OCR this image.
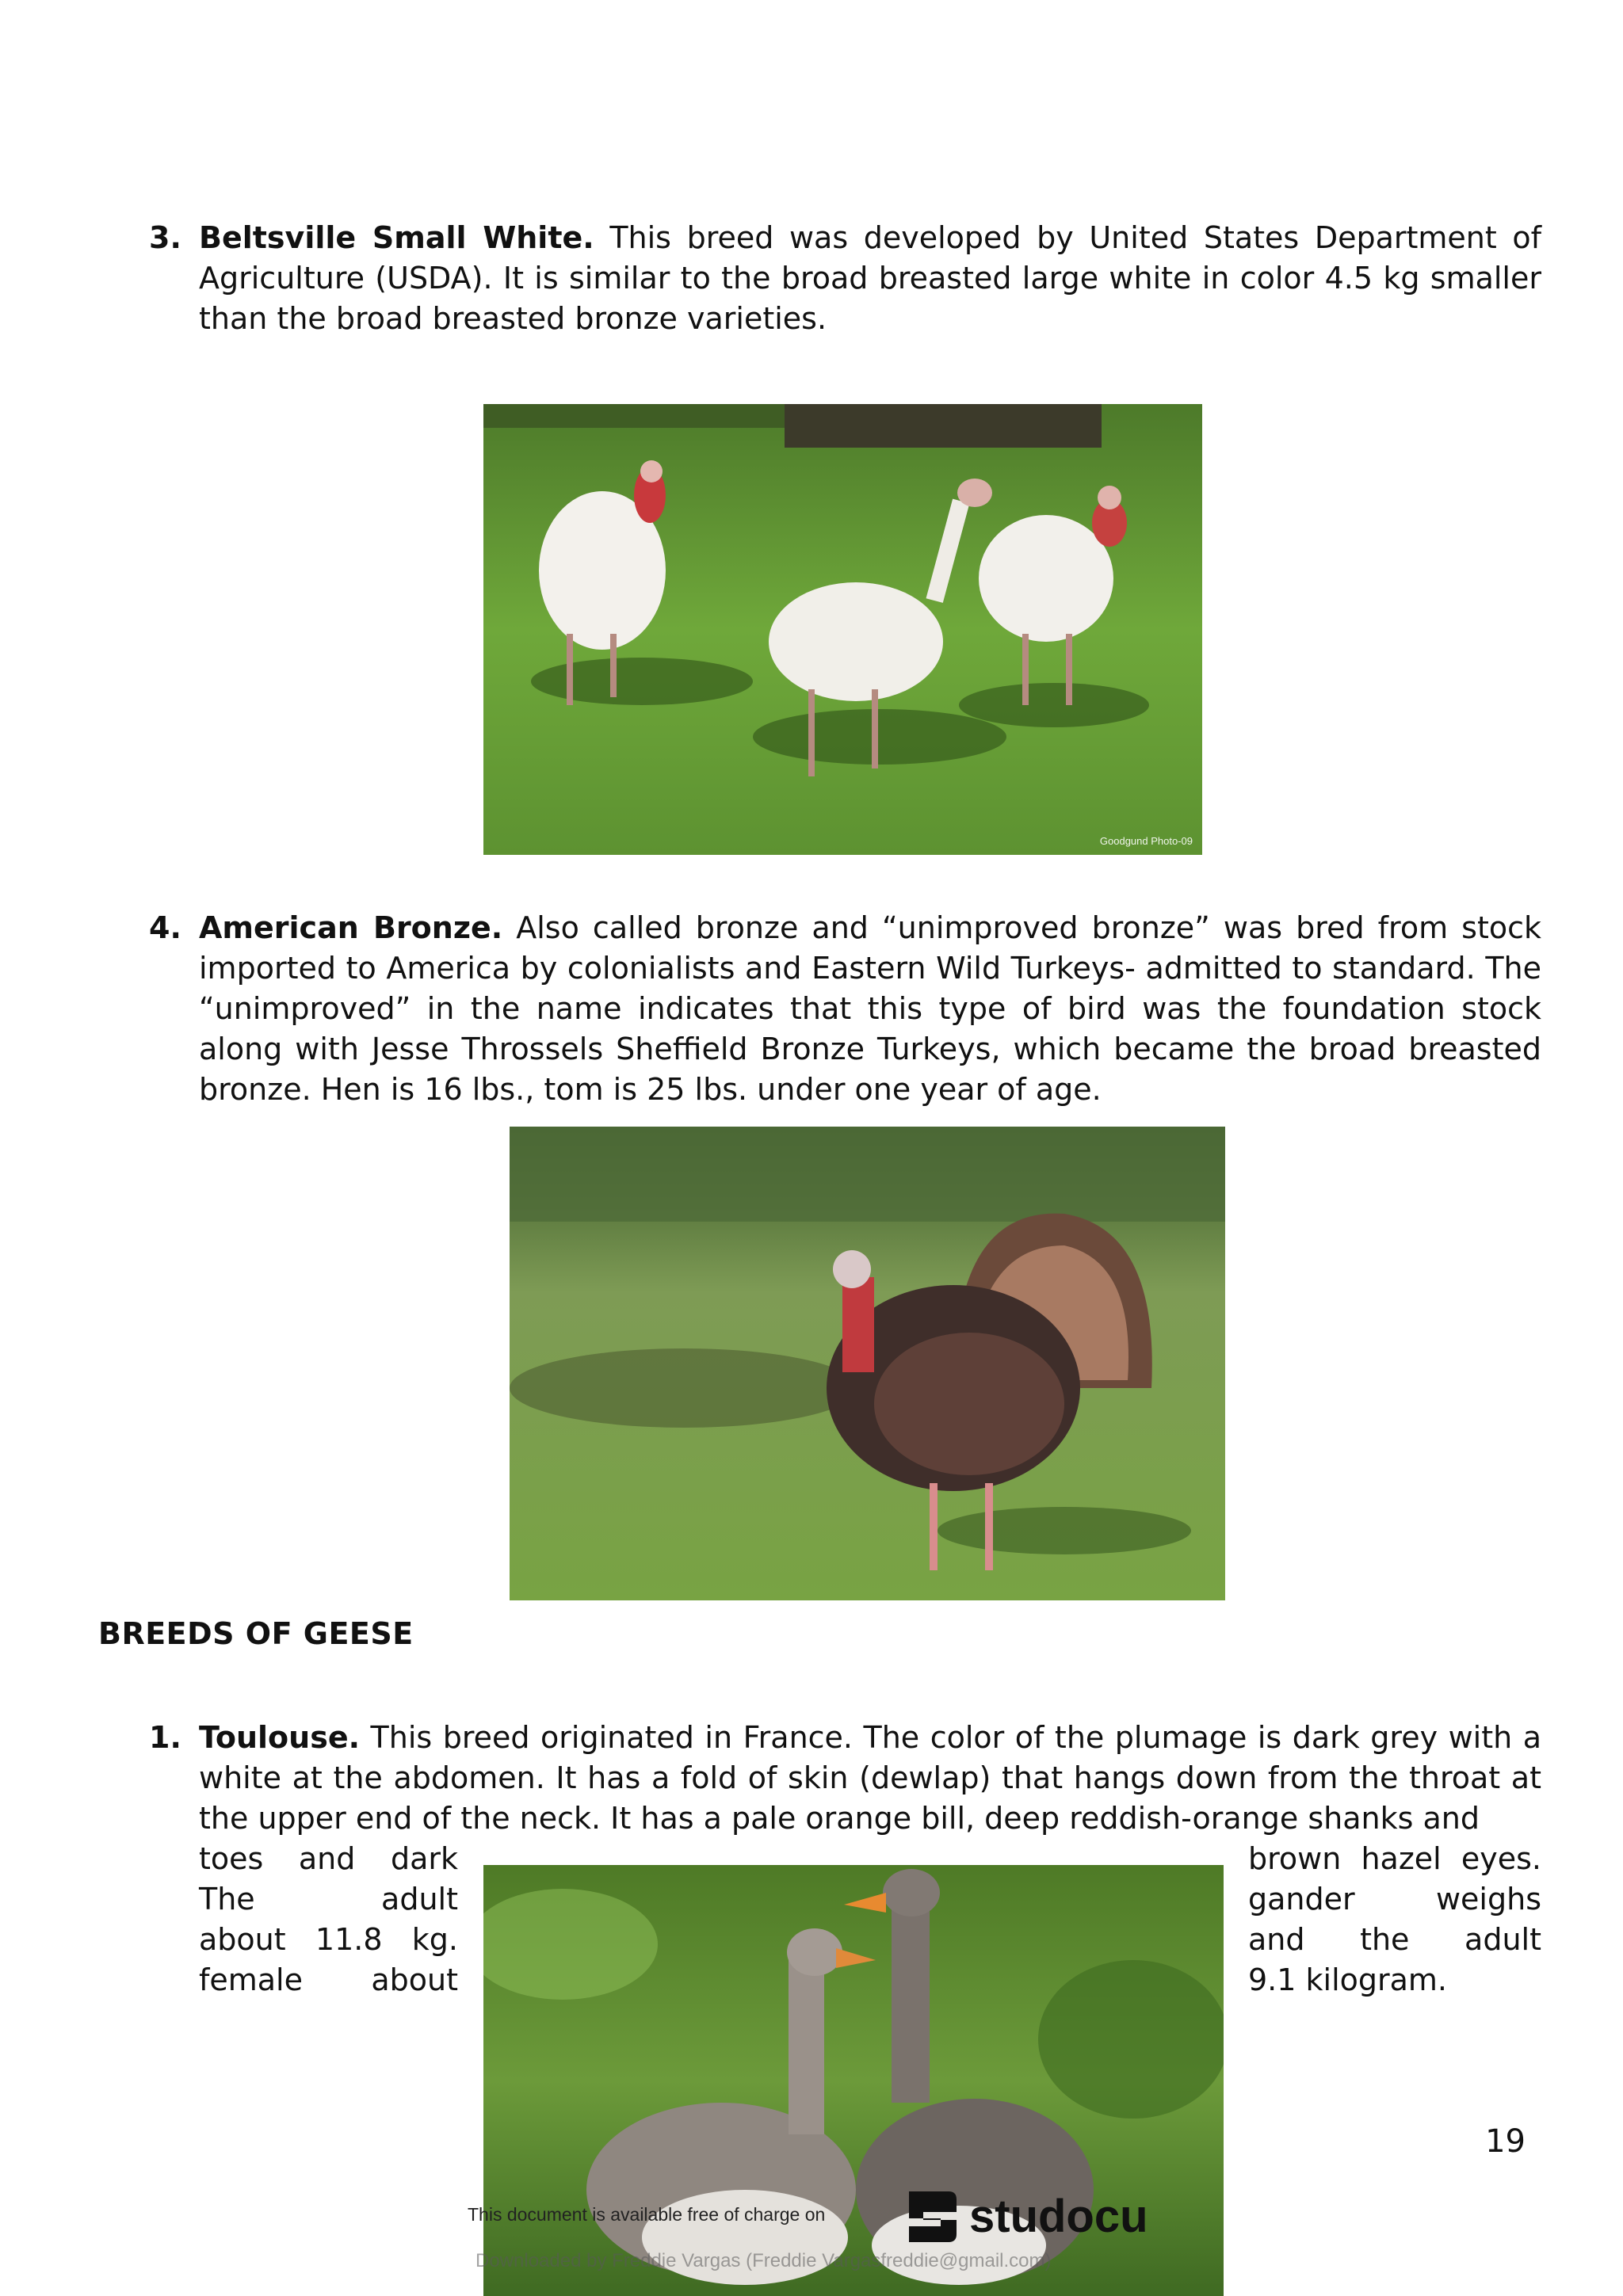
3. Beltsville Small White. This breed was developed by United States Department of Agriculture (USDA). It is similar to the broad breasted large white in color 4.5 kg smaller than the broad breasted bronze varieties.
Goodgund Photo-09
4. American Bronze. Also called bronze and “unimproved bronze” was bred from stock imported to America by colonialists and Eastern Wild Turkeys- admitted to standard. The “unimproved” in the name indicates that this type of bird was the foundation stock along with Jesse Throssels Sheffield Bronze Turkeys, which became the broad breasted bronze. Hen is 16 lbs., tom is 25 lbs. under one year of age.
BREEDS OF GEESE
1. Toulouse. This breed originated in France. The color of the plumage is dark grey with a white at the abdomen. It has a fold of skin (dewlap) that hangs down from the throat at the upper end of the neck. It has a pale orange bill, deep reddish-orange shanks and
toes and dark
The	adult
about 11.8 kg.
female about
brown hazel eyes.
gander	weighs
and the adult
9.1 kilogram.
19
This document is available free of charge on	studocu
Downloaded by Freddie Vargas (Freddie Vargasfreddie@gmail.com)
